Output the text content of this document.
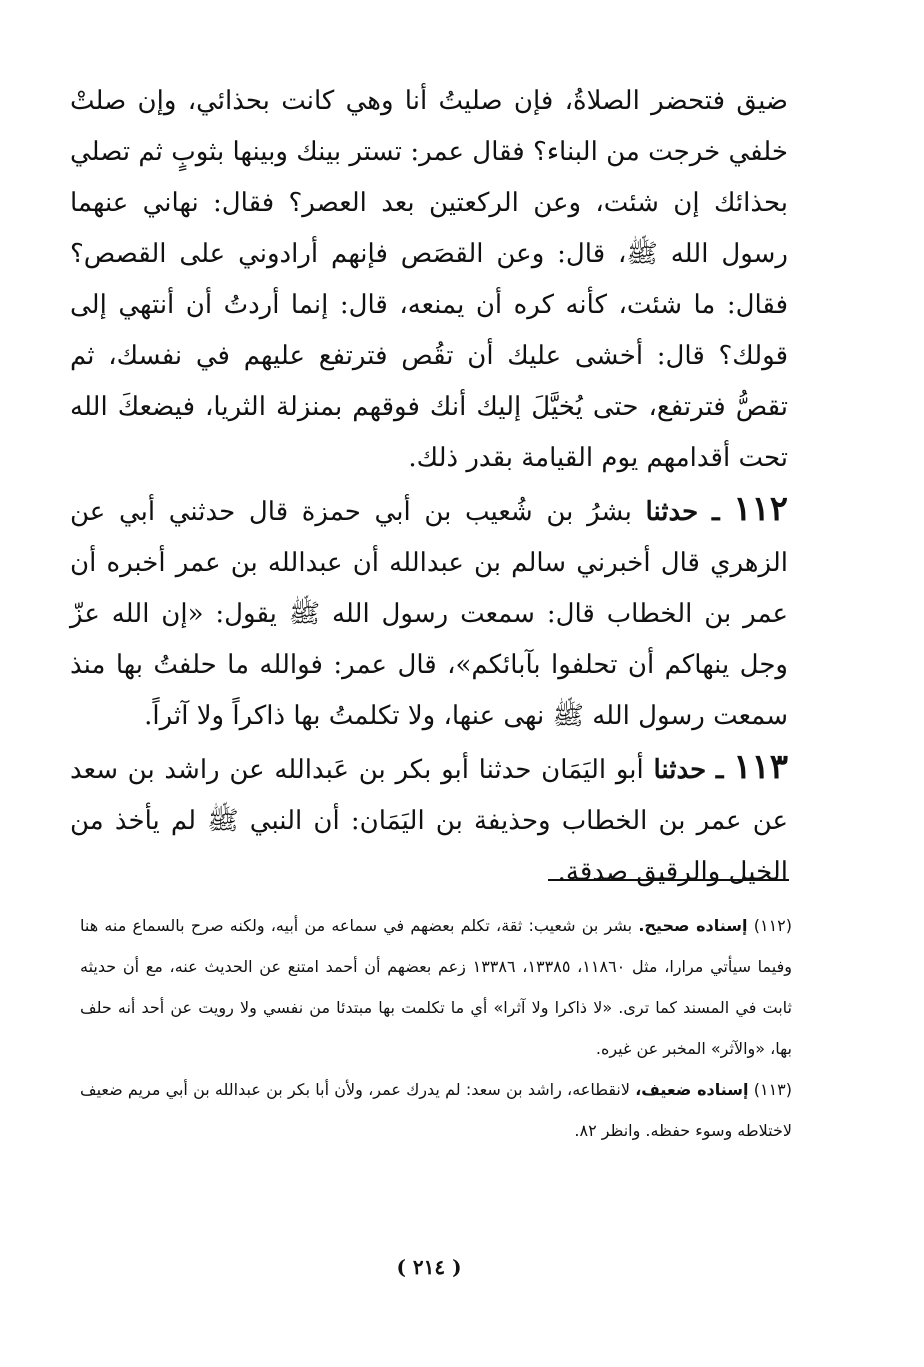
ضيق فتحضر الصلاةُ، فإن صليتُ أنا وهي كانت بحذائي، وإن صلتْ خلفي خرجت من البناء؟ فقال عمر: تستر بينك وبينها بثوبٍ ثم تصلي بحذائك إن شئت، وعن الركعتين بعد العصر؟ فقال: نهاني عنهما رسول الله ﷺ، قال: وعن القصَص فإنهم أرادوني على القصص؟ فقال: ما شئت، كأنه كره أن يمنعه، قال: إنما أردتُ أن أنتهي إلى قولك؟ قال: أخشى عليك أن تقُص فترتفع عليهم في نفسك، ثم تقصُّ فترتفع، حتى يُخيَّلَ إليك أنك فوقهم بمنزلة الثريا، فيضعكَ الله تحت أقدامهم يوم القيامة بقدر ذلك.

١١٢ ـ حدثنا بشرُ بن شُعيب بن أبي حمزة قال حدثني أبي عن الزهري قال أخبرني سالم بن عبدالله أن عبدالله بن عمر أخبره أن عمر بن الخطاب قال: سمعت رسول الله ﷺ يقول: «إن الله عزّ وجل ينهاكم أن تحلفوا بآبائكم»، قال عمر: فوالله ما حلفتُ بها منذ سمعت رسول الله ﷺ نهى عنها، ولا تكلمتُ بها ذاكراً ولا آثراً.

١١٣ ـ حدثنا أبو اليَمَان حدثنا أبو بكر بن عَبدالله عن راشد بن سعد عن عمر بن الخطاب وحذيفة بن اليَمَان: أن النبي ﷺ لم يأخذ من الخيل والرقيق صدقة.

(١١٢) إسناده صحيح. بشر بن شعيب: ثقة، تكلم بعضهم في سماعه من أبيه، ولكنه صرح بالسماع منه هنا وفيما سيأتي مرارا، مثل ١١٨٦٠، ١٣٣٨٥، ١٣٣٨٦ زعم بعضهم أن أحمد امتنع عن الحديث عنه، مع أن حديثه ثابت في المسند كما ترى. «لا ذاكرا ولا آثرا» أي ما تكلمت بها مبتدئا من نفسي ولا رويت عن أحد أنه حلف بها، «والآثر» المخبر عن غيره.

(١١٣) إسناده ضعيف، لانقطاعه، راشد بن سعد: لم يدرك عمر، ولأن أبا بكر بن عبدالله بن أبي مريم ضعيف لاختلاطه وسوء حفظه. وانظر ٨٢.

( ٢١٤ )
